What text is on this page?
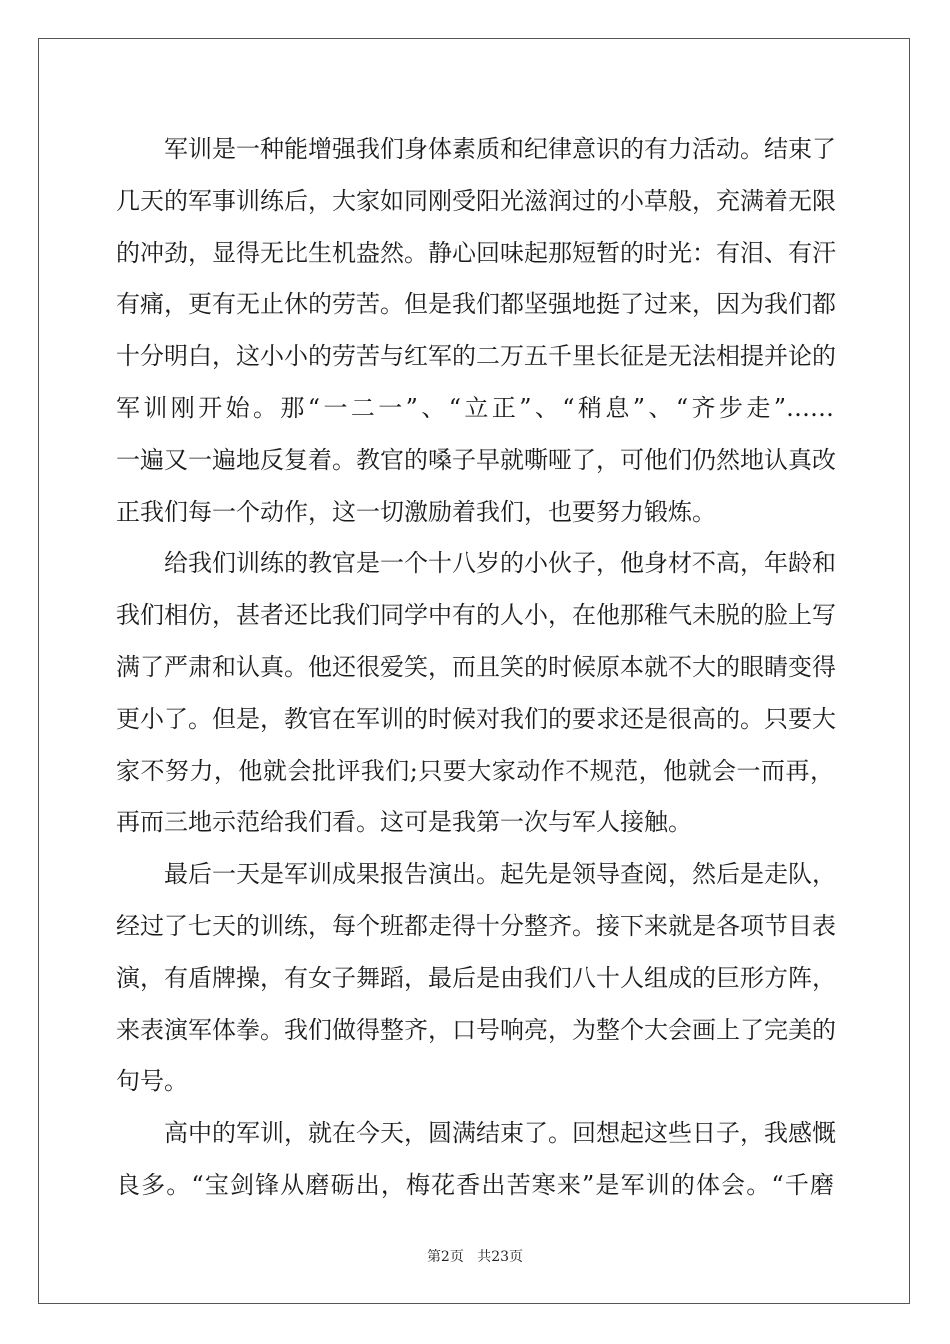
军训是一种能增强我们身体素质和纪律意识的有力活动。结束了
几天的军事训练后，大家如同刚受阳光滋润过的小草般，充满着无限
的冲劲，显得无比生机盎然。静心回味起那短暂的时光：有泪、有汗
有痛，更有无止休的劳苦。但是我们都坚强地挺了过来，因为我们都
十分明白，这小小的劳苦与红军的二万五千里长征是无法相提并论的
军训刚开始。那“一二一”、“立正”、“稍息”、“齐步走”……
一遍又一遍地反复着。教官的嗓子早就嘶哑了，可他们仍然地认真改
正我们每一个动作，这一切激励着我们，也要努力锻炼。
给我们训练的教官是一个十八岁的小伙子，他身材不高，年龄和
我们相仿，甚者还比我们同学中有的人小，在他那稚气未脱的脸上写
满了严肃和认真。他还很爱笑，而且笑的时候原本就不大的眼睛变得
更小了。但是，教官在军训的时候对我们的要求还是很高的。只要大
家不努力，他就会批评我们;只要大家动作不规范，他就会一而再，
再而三地示范给我们看。这可是我第一次与军人接触。
最后一天是军训成果报告演出。起先是领导查阅，然后是走队，
经过了七天的训练，每个班都走得十分整齐。接下来就是各项节目表
演，有盾牌操，有女子舞蹈，最后是由我们八十人组成的巨形方阵，
来表演军体拳。我们做得整齐，口号响亮，为整个大会画上了完美的
句号。
高中的军训，就在今天，圆满结束了。回想起这些日子，我感慨
良多。“宝剑锋从磨砺出，梅花香出苦寒来”是军训的体会。“千磨
第2页 共23页
